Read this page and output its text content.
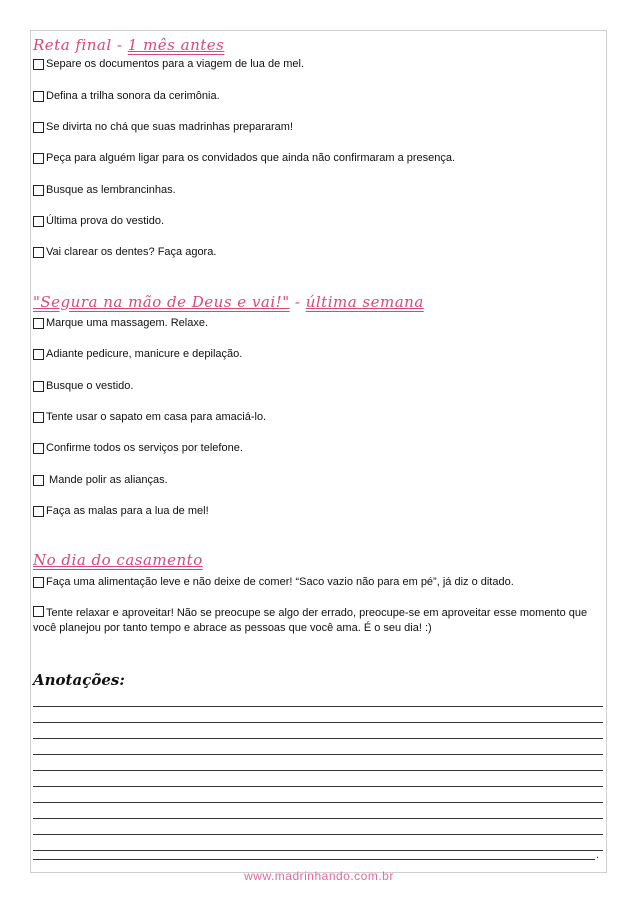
Reta final - 1 mês antes
Separe os documentos para a viagem de lua de mel.
Defina a trilha sonora da cerimônia.
Se divirta no chá que suas madrinhas prepararam!
Peça para alguém ligar para os convidados que ainda não confirmaram a presença.
Busque as lembrancinhas.
Última prova do vestido.
Vai clarear os dentes? Faça agora.
"Segura na mão de Deus e vai!" - última semana
Marque uma massagem. Relaxe.
Adiante pedicure, manicure e depilação.
Busque o vestido.
Tente usar o sapato em casa para amaciá-lo.
Confirme todos os serviços por telefone.
Mande polir as alianças.
Faça as malas para a lua de mel!
No dia do casamento
Faça uma alimentação leve e não deixe de comer! “Saco vazio não para em pé”, já diz o ditado.
Tente relaxar e aproveitar! Não se preocupe se algo der errado, preocupe-se em aproveitar esse momento que você planejou por tanto tempo e abrace as pessoas que você ama. É o seu dia! :)
Anotações:
.
www.madrinhando.com.br
